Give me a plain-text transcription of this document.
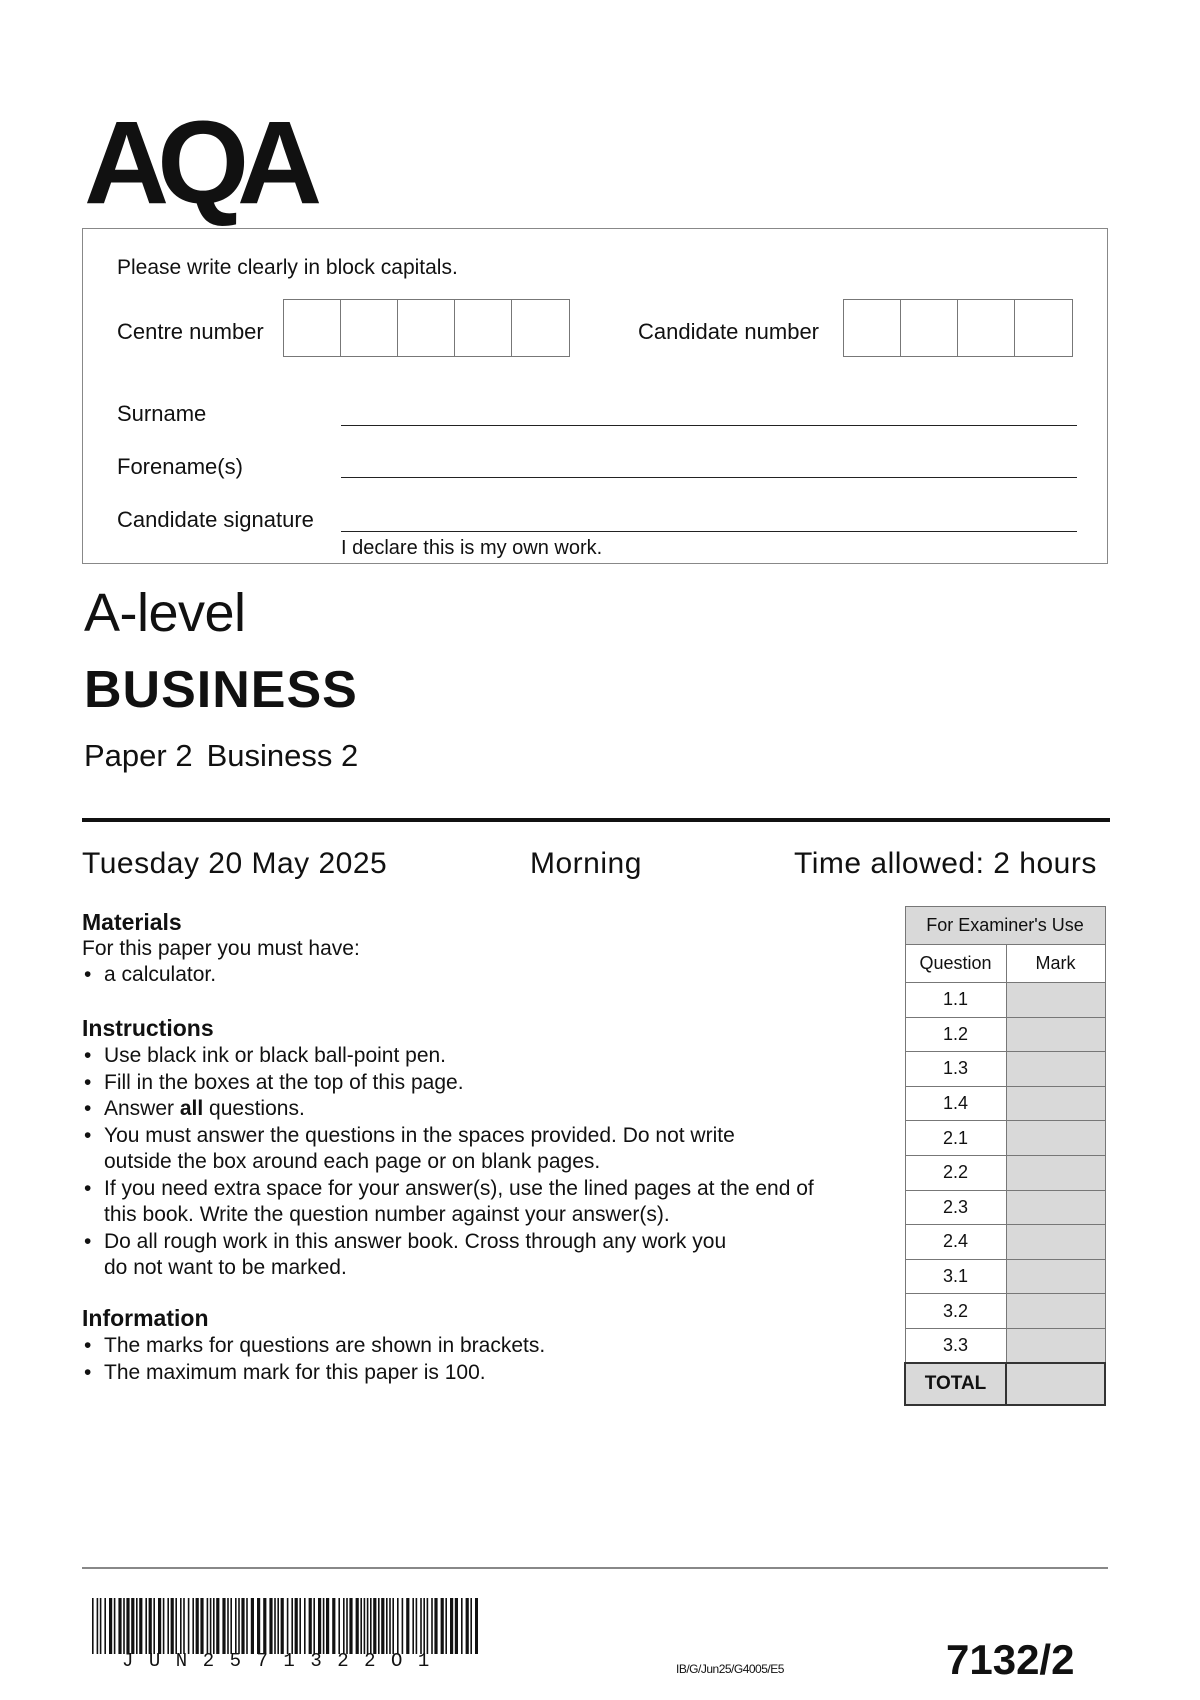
AQA
Please write clearly in block capitals.
Centre number	Candidate number
Surname
Forename(s)
Candidate signature
I declare this is my own work.
A-level
BUSINESS
Paper 2 Business 2
Tuesday 20 May 2025	Morning	Time allowed: 2 hours
Materials
For this paper you must have:
• a calculator.
Instructions
• Use black ink or black ball-point pen.
• Fill in the boxes at the top of this page.
• Answer all questions.
• You must answer the questions in the spaces provided. Do not write
outside the box around each page or on blank pages.
• If you need extra space for your answer(s), use the lined pages at the end of
this book. Write the question number against your answer(s).
• Do all rough work in this answer book. Cross through any work you
do not want to be marked.
Information
• The marks for questions are shown in brackets.
• The maximum mark for this paper is 100.
For Examiner's Use	
Question	Mark
1.1	
1.2	
1.3	
1.4	
2.1	
2.2	
2.3	
2.4	
3.1	
3.2	
3.3	
TOTAL	
JUN2571322O1	IB/G/Jun25/G4005/E5	7132/2
